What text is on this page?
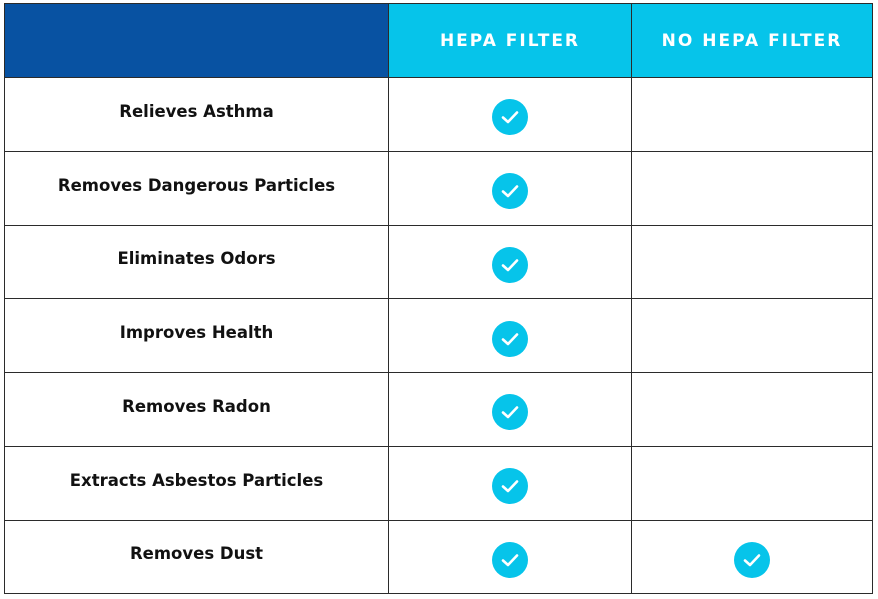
HEPA FILTER	NO HEPA FILTER
Relieves Asthma
Removes Dangerous Particles
Eliminates Odors
Improves Health
Removes Radon
Extracts Asbestos Particles
Removes Dust
